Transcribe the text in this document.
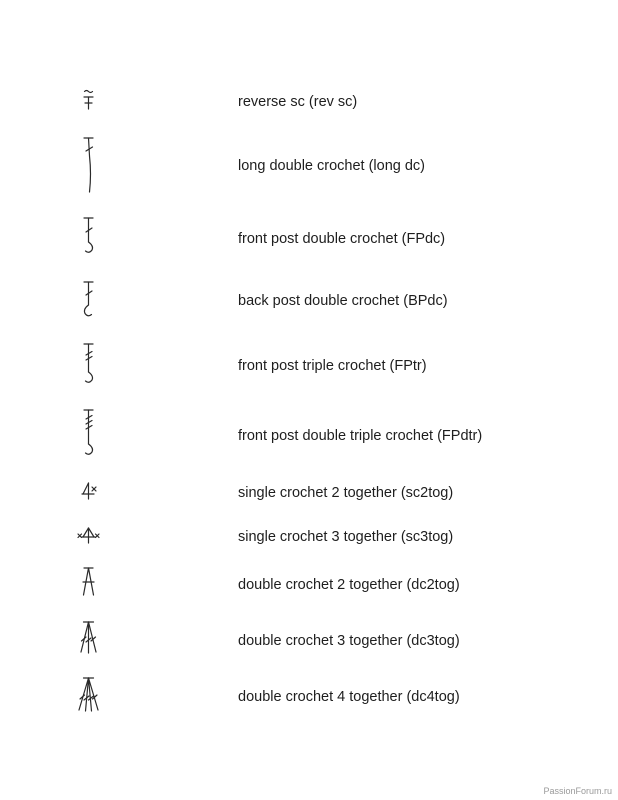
reverse sc (rev sc)
long double crochet (long dc)
front post double crochet (FPdc)
back post double crochet (BPdc)
front post triple crochet (FPtr)
front post double triple crochet (FPdtr)
single crochet 2 together (sc2tog)
single crochet 3 together (sc3tog)
double crochet 2 together (dc2tog)
double crochet 3 together (dc3tog)
double crochet 4 together (dc4tog)
PassionForum.ru
